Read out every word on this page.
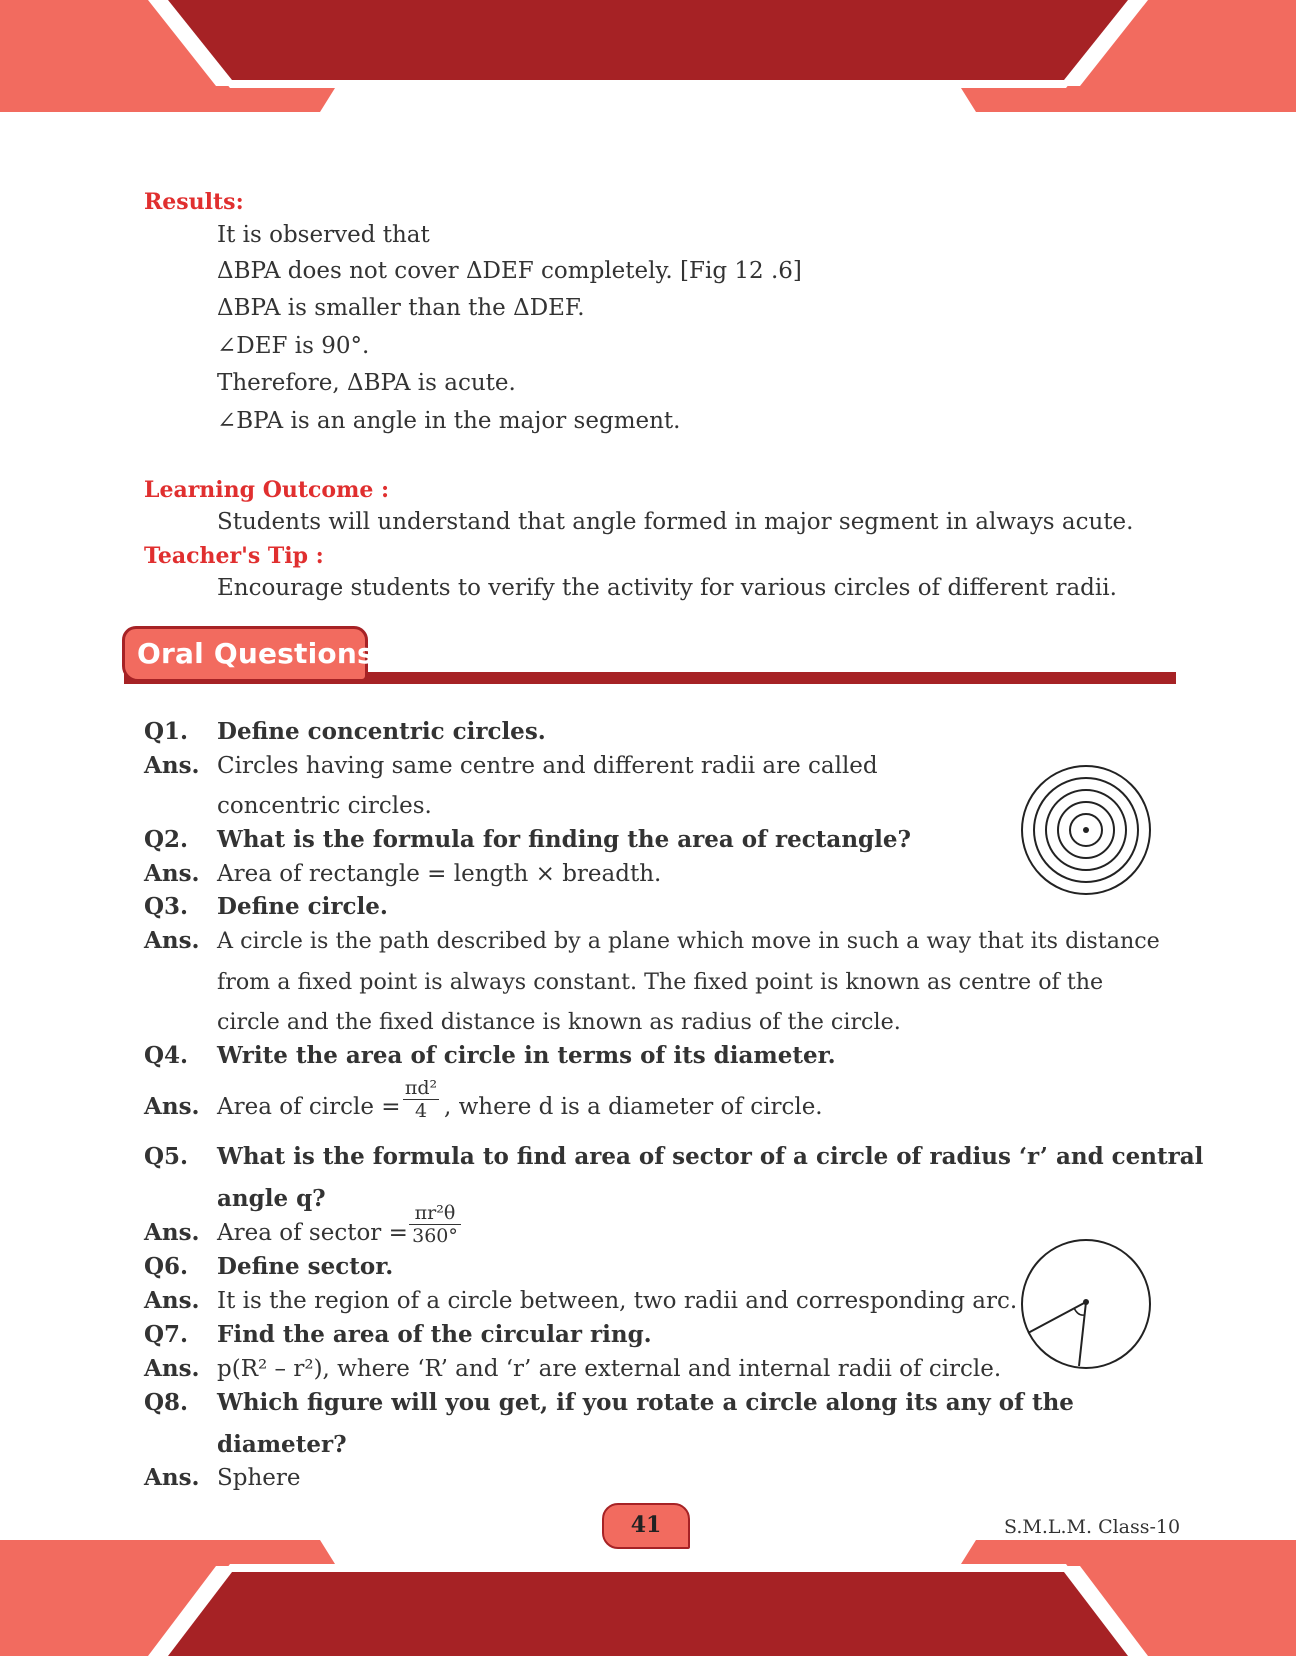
Results:
It is observed that
ΔBPA does not cover ΔDEF completely. [Fig 12 .6]
ΔBPA is smaller than the ΔDEF.
∠DEF is 90°.
Therefore, ΔBPA is acute.
∠BPA is an angle in the major segment.
Learning Outcome :
Students will understand that angle formed in major segment in always acute.
Teacher's Tip :
Encourage students to verify the activity for various circles of different radii.
Oral Questions
Q1. Define concentric circles.
Ans. Circles having same centre and different radii are called
concentric circles.
Q2. What is the formula for finding the area of rectangle?
Ans. Area of rectangle = length × breadth.
Q3. Define circle.
Ans. A circle is the path described by a plane which move in such a way that its distance
from a fixed point is always constant. The fixed point is known as centre of the
circle and the fixed distance is known as radius of the circle.
Q4. Write the area of circle in terms of its diameter.
Ans. Area of circle = $\frac{\text{πd²}}{4}$ , where d is a diameter of circle.
Q5. What is the formula to find area of sector of a circle of radius ‘r’ and central
angle q?
Ans. Area of sector = $\frac{\text{πr²θ}}{360^\circ}$
Q6. Define sector.
Ans. It is the region of a circle between, two radii and corresponding arc.
Q7. Find the area of the circular ring.
Ans. p(R² – r²), where ‘R’ and ‘r’ are external and internal radii of circle.
Q8. Which figure will you get, if you rotate a circle along its any of the
diameter?
Ans. Sphere
41	S.M.L.M. Class-10
